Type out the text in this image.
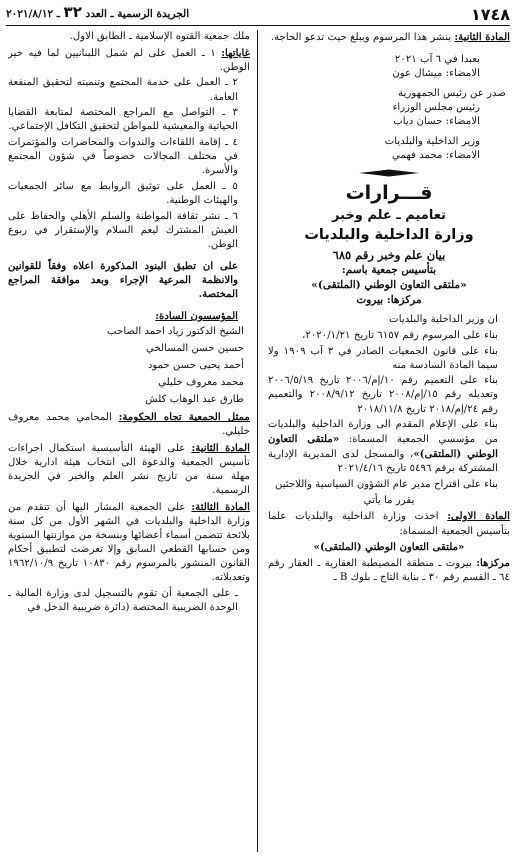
١٧٤٨
الجريدة الرسمية ـ العدد ٣٢ ـ ٢٠٢١/٨/١٢

المادة الثانية: ينشر هذا المرسوم ويبلغ حيث تدعو الحاجة.

بعبدا في ٦ آب ٢٠٢١
الامضاء: ميشال عون
صدر عن رئيس الجمهورية
رئيس مجلس الوزراء
الامضاء: حسان دياب
وزير الداخلية والبلديات
الامضاء: محمد فهمي
قـــرارات
تعاميم ـ علم وخبر
وزارة الداخلية والبلديات
بيان علم وخبر رقم ٦٨٥
بتأسيس جمعية باسم:
«ملتقى التعاون الوطني (الملتقى)»
مركزها: بيروت

ان وزير الداخلية والبلديات

بناء على المرسوم رقم ٦١٥٧ تاريخ ٢٠٢٠/١/٢١،

بناء على قانون الجمعيات الصادر في ٣ آب ١٩٠٩ ولا سيما المادة السادسة منه

بناء على التعميم رقم ١٠/إم/٢٠٠٦ تاريخ ٢٠٠٦/٥/١٩ وتعديله رقم ١٥/إم/٢٠٠٨ تاريخ ٢٠٠٨/٩/١٢ والتعميم رقم ٢٤/إم/٢٠١٨ تاريخ ٢٠١٨/١١/٨

بناء على الإعلام المقدم الى وزارة الداخلية والبلديات من مؤسسي الجمعية المسماة: «ملتقى التعاون الوطني (الملتقى)»، والمسجل لدى المديرية الإدارية المشتركة برقم ٥٤٩٦ تاريخ ٢٠٢١/٤/١٦

بناء على اقتراح مدير عام الشؤون السياسية واللاجئين

يقرر ما يأتي

المادة الاولى: اخذت وزارة الداخلية والبلديات علما بتأسيس الجمعية المسماة:

«ملتقى التعاون الوطني (الملتقى)»

مركزها: بيروت ـ منطقة المصيطبة العقارية ـ العقار رقم ٦٤ ـ القسم رقم ٣٠ ـ بناية التاج ـ بلوك B ـ

ملك جمعية القتوه الإسلامية ـ الطابق الاول.

غاياتها: ١ ـ العمل على لم شمل اللبنانيين لما فيه خير الوطن.

٢ ـ العمل على خدمة المجتمع وتنميته لتحقيق المنفعة العامة.

٣ ـ التواصل مع المراجع المختصة لمتابعة القضايا الحياتية والمعيشية للمواطن لتحقيق التكافل الإجتماعي.

٤ ـ إقامة اللقاءات والندوات والمحاضرات والمؤتمرات في مختلف المجالات خصوصاً في شؤون المجتمع والأسرة.

٥ ـ العمل على توثيق الروابط مع سائر الجمعيات والهيئات الوطنية.

٦ ـ نشر ثقافة المواطنة والسلم الأهلي والحفاظ على العيش المشترك ليعم السلام والإستقرار في ربوع الوطن.

على ان تطبق البنود المذكورة اعلاه وفقاً للقوانين والانظمة المرعية الإجراء وبعد موافقة المراجع المختصة.

المؤسسون السادة:

الشيخ الدكتور زياد احمد الصاحب

حسين حسن المسالخي

أحمد يحيى حسن حمود

محمد معروف خليلي

طارق عبد الوهاب كلش

ممثل الجمعية تجاه الحكومة: المحامي محمد معروف خليلي.

المادة الثانية: على الهيئة التأسيسية استكمال اجراءات تأسيس الجمعية والدعوة الى انتخاب هيئة ادارية خلال مهلة سنة من تاريخ نشر العلم والخبر في الجريدة الرسمية.

المادة الثالثة: على الجمعية المشار اليها أن تتقدم من وزارة الداخلية والبلديات في الشهر الأول من كل سنة بلائحة تتضمن أسماء أعضائها وبنسخة من موازنتها السنوية ومن حسابها القطعي السابق وإلا تعرضت لتطبيق أحكام القانون المنشور بالمرسوم رقم ١٠٨٣٠ تاريخ ١٩٦٢/١٠/٩ وتعديلاته.

ـ على الجمعية أن تقوم بالتسجيل لدى وزارة المالية ـ الوحدة الضريبية المختصة (دائرة ضريبية الدخل في
